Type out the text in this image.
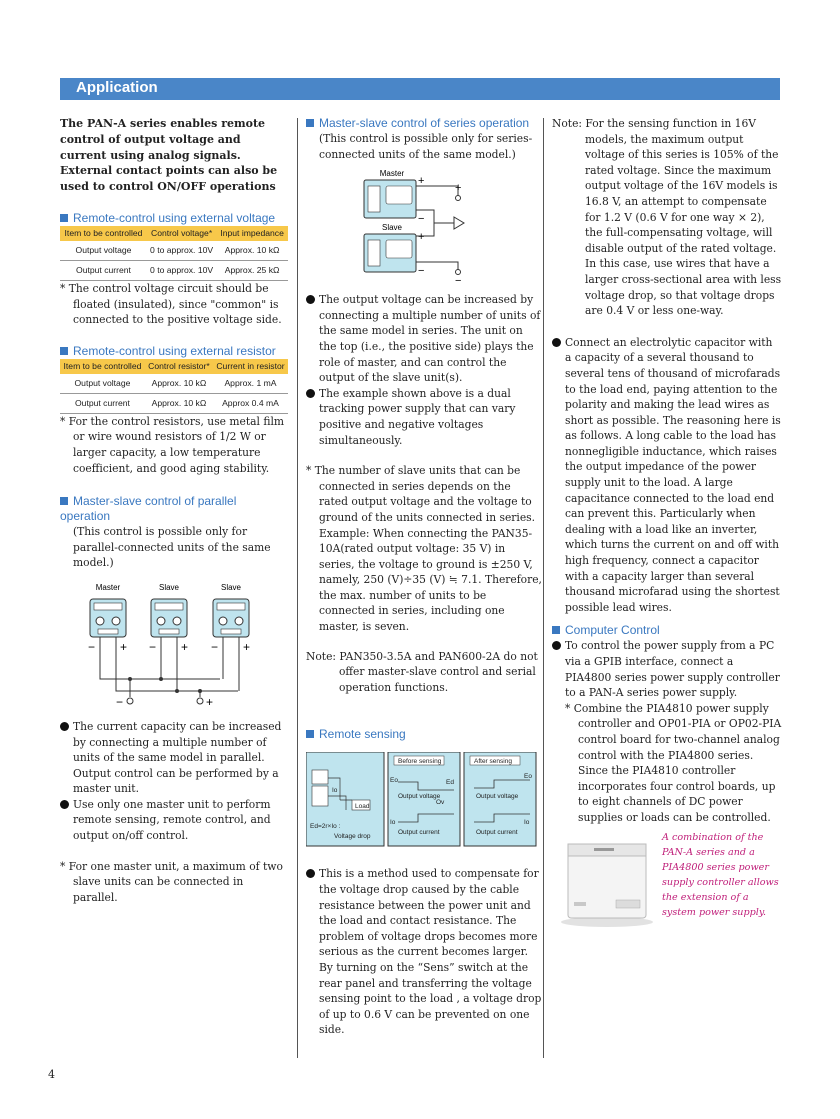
Application

The PAN-A series enables remote control of output voltage and current using analog signals. External contact points can also be used to control ON/OFF operations

Remote-control using external voltage
Item to be controlled	Control voltage*	Input impedance
Output voltage	0 to approx. 10V	Approx. 10 kΩ
Output current	0 to approx. 10V	Approx. 25 kΩ

* The control voltage circuit should be floated (insulated), since "common" is connected to the positive voltage side.

Remote-control using external resistor
Item to be controlled	Control resistor*	Current in resistor
Output voltage	Approx. 10 kΩ	Approx. 1 mA
Output current	Approx. 10 kΩ	Approx 0.4 mA

* For the control resistors, use metal film or wire wound resistors of 1/2 W or larger capacity, a low temperature coefficient, and good aging stability.

Master-slave control of parallel operation

(This control is possible only for parallel-connected units of the same model.)

Master	Slave	Slave
− + − + − +
−	+

The current capacity can be increased by connecting a multiple number of units of the same model in parallel. Output control can be performed by a master unit.

Use only one master unit to perform remote sensing, remote control, and output on/off control.

* For one master unit, a maximum of two slave units can be connected in parallel.

Master-slave control of series operation

(This control is possible only for series-connected units of the same model.)

Master
Slave
+
−
+
−
+
−

The output voltage can be increased by connecting a multiple number of units of the same model in series. The unit on the top (i.e., the positive side) plays the role of master, and can control the output of the slave unit(s).

The example shown above is a dual tracking power supply that can vary positive and negative voltages simultaneously.

* The number of slave units that can be connected in series depends on the rated output voltage and the voltage to ground of the units connected in series. Example: When connecting the PAN35-10A(rated output voltage: 35 V) in series, the voltage to ground is ±250 V, namely, 250 (V)÷35 (V) ≒ 7.1. Therefore, the max. number of units to be connected in series, including one master, is seven.

Note: PAN350-3.5A and PAN600-2A do not offer master-slave control and serial operation functions.

Remote sensing
Load
Io
Ed=2r×Io :
Voltage drop
Before sensing
Eo	Ed
Output voltage
Ov
Io
Output current
After sensing
Eo
Output voltage
Io
Output current

This is a method used to compensate for the voltage drop caused by the cable resistance between the power unit and the load and contact resistance. The problem of voltage drops becomes more serious as the current becomes larger. By turning on the “Sens” switch at the rear panel and transferring the voltage sensing point to the load , a voltage drop of up to 0.6 V can be prevented on one side.

Note: For the sensing function in 16V models, the maximum output voltage of this series is 105% of the rated voltage. Since the maximum output voltage of the 16V models is 16.8 V, an attempt to compensate for 1.2 V (0.6 V for one way × 2), the full-compensating voltage, will disable output of the rated voltage. In this case, use wires that have a larger cross-sectional area with less voltage drop, so that voltage drops are 0.4 V or less one-way.

Connect an electrolytic capacitor with a capacity of a several thousand to several tens of thousand of microfarads to the load end, paying attention to the polarity and making the lead wires as short as possible. The reasoning here is as follows. A long cable to the load has nonnegligible inductance, which raises the output impedance of the power supply unit to the load. A large capacitance connected to the load end can prevent this. Particularly when dealing with a load like an inverter, which turns the current on and off with high frequency, connect a capacitor with a capacity larger than several thousand microfarad using the shortest possible lead wires.

Computer Control

To control the power supply from a PC via a GPIB interface, connect a PIA4800 series power supply controller to a PAN-A series power supply.

* Combine the PIA4810 power supply controller and OP01-PIA or OP02-PIA control board for two-channel analog control with the PIA4800 series. Since the PIA4810 controller incorporates four control boards, up to eight channels of DC power supplies or loads can be controlled.

A combination of the PAN-A series and a PIA4800 series power supply controller allows the extension of a system power supply.
4
